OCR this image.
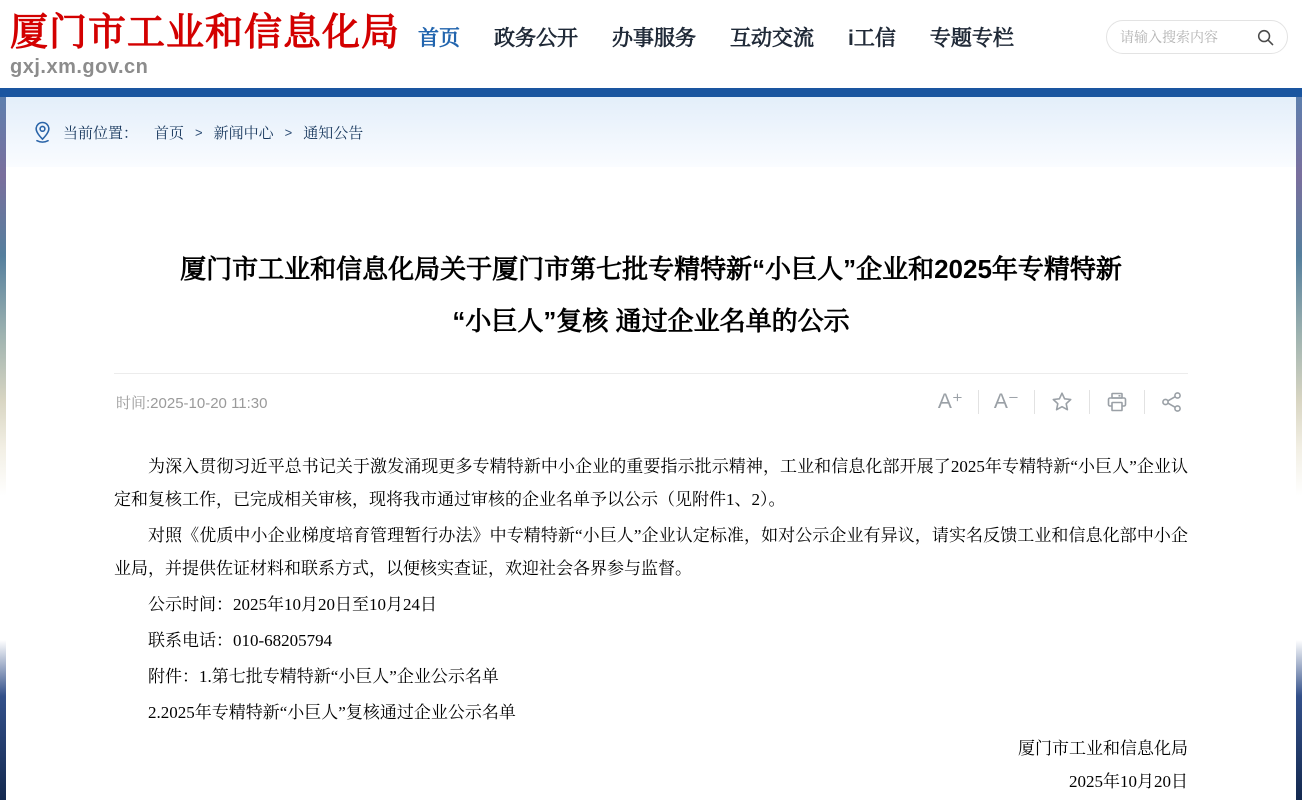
厦门市工业和信息化局
gxj.xm.gov.cn
首页 政务公开 办事服务 互动交流 i工信 专题专栏
请输入搜索内容
当前位置： 首页 > 新闻中心 > 通知公告
厦门市工业和信息化局关于厦门市第七批专精特新“小巨人”企业和2025年专精特新
“小巨人”复核 通过企业名单的公示
时间:2025-10-20 11:30	A⁺	A⁻

为深入贯彻习近平总书记关于激发涌现更多专精特新中小企业的重要指示批示精神，工业和信息化部开展了2025年专精特新“小巨人”企业认定和复核工作，已完成相关审核，现将我市通过审核的企业名单予以公示（见附件1、2）。

对照《优质中小企业梯度培育管理暂行办法》中专精特新“小巨人”企业认定标准，如对公示企业有异议，请实名反馈工业和信息化部中小企业局，并提供佐证材料和联系方式，以便核实查证，欢迎社会各界参与监督。

公示时间：2025年10月20日至10月24日

联系电话：010-68205794

附件：1.第七批专精特新“小巨人”企业公示名单

2.2025年专精特新“小巨人”复核通过企业公示名单

厦门市工业和信息化局
2025年10月20日
